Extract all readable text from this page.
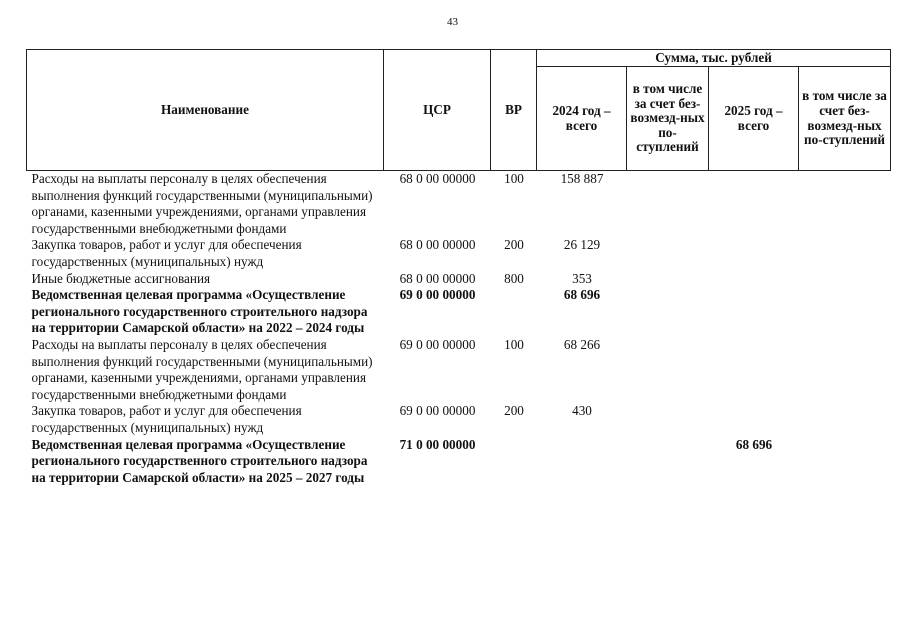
43
Наименование	ЦСР	ВР	Сумма, тыс. рублей			
			2024 год – всего	в том числе за счет без-возмезд-ных по-ступлений	2025 год – всего	в том числе за счет без-возмезд-ных по-ступлений
Расходы на выплаты персоналу в целях обеспечения выполнения функций государственными (муниципальными) органами, казенными учреждениями, органами управления государственными внебюджетными фондами	68 0 00 00000	100	158 887			
Закупка товаров, работ и услуг для обеспечения государственных (муниципальных) нужд	68 0 00 00000	200	26 129			
Иные бюджетные ассигнования	68 0 00 00000	800	353			
Ведомственная целевая программа «Осуществление регионального государственного строительного надзора на территории Самарской области» на 2022 – 2024 годы	69 0 00 00000		68 696			
Расходы на выплаты персоналу в целях обеспечения выполнения функций государственными (муниципальными) органами, казенными учреждениями, органами управления государственными внебюджетными фондами	69 0 00 00000	100	68 266			
Закупка товаров, работ и услуг для обеспечения государственных (муниципальных) нужд	69 0 00 00000	200	430			
Ведомственная целевая программа «Осуществление регионального государственного строительного надзора на территории Самарской области» на 2025 – 2027 годы	71 0 00 00000				68 696	
